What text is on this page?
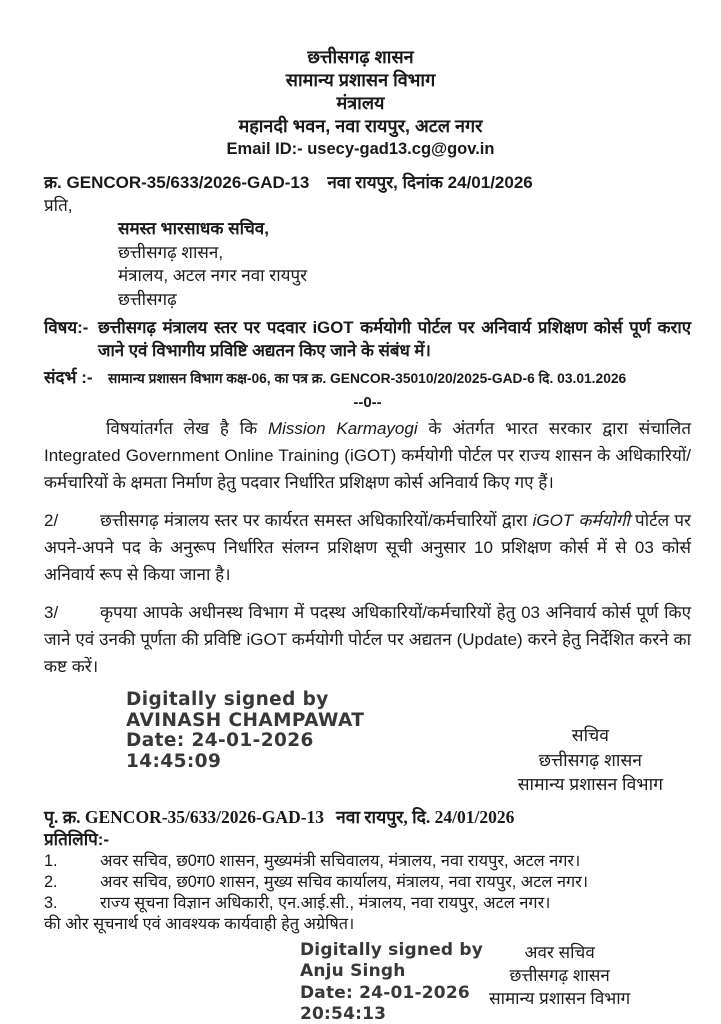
छत्तीसगढ़ शासन
सामान्य प्रशासन विभाग
मंत्रालय
महानदी भवन, नवा रायपुर, अटल नगर
Email ID:- usecy-gad13.cg@gov.in
क्र. GENCOR-35/633/2026-GAD-13 नवा रायपुर, दिनांक 24/01/2026
प्रति,
समस्त भारसाधक सचिव,
छत्तीसगढ़ शासन,
मंत्रालय, अटल नगर नवा रायपुर
छत्तीसगढ़
विषय:- छत्तीसगढ़ मंत्रालय स्तर पर पदवार iGOT कर्मयोगी पोर्टल पर अनिवार्य प्रशिक्षण कोर्स पूर्ण कराए जाने एवं विभागीय प्रविष्टि अद्यतन किए जाने के संबंध में।
संदर्भ :-	सामान्य प्रशासन विभाग कक्ष-06, का पत्र क्र. GENCOR-35010/20/2025-GAD-6 दि. 03.01.2026
--0--
विषयांतर्गत लेख है कि Mission Karmayogi के अंतर्गत भारत सरकार द्वारा संचालित Integrated Government Online Training (iGOT) कर्मयोगी पोर्टल पर राज्य शासन के अधिकारियों/कर्मचारियों के क्षमता निर्माण हेतु पदवार निर्धारित प्रशिक्षण कोर्स अनिवार्य किए गए हैं।
2/ छत्तीसगढ़ मंत्रालय स्तर पर कार्यरत समस्त अधिकारियों/कर्मचारियों द्वारा iGOT कर्मयोगी पोर्टल पर अपने-अपने पद के अनुरूप निर्धारित संलग्न प्रशिक्षण सूची अनुसार 10 प्रशिक्षण कोर्स में से 03 कोर्स अनिवार्य रूप से किया जाना है।
3/ कृपया आपके अधीनस्थ विभाग में पदस्थ अधिकारियों/कर्मचारियों हेतु 03 अनिवार्य कोर्स पूर्ण किए जाने एवं उनकी पूर्णता की प्रविष्टि iGOT कर्मयोगी पोर्टल पर अद्यतन (Update) करने हेतु निर्देशित करने का कष्ट करें।
Digitally signed by
AVINASH CHAMPAWAT
Date: 24-01-2026
14:45:09
सचिव
छत्तीसगढ़ शासन
सामान्य प्रशासन विभाग
पृ. क्र. GENCOR-35/633/2026-GAD-13 नवा रायपुर, दि. 24/01/2026
प्रतिलिपि:-
1.	अवर सचिव, छ0ग0 शासन, मुख्यमंत्री सचिवालय, मंत्रालय, नवा रायपुर, अटल नगर।
2.	अवर सचिव, छ0ग0 शासन, मुख्य सचिव कार्यालय, मंत्रालय, नवा रायपुर, अटल नगर।
3.	राज्य सूचना विज्ञान अधिकारी, एन.आई.सी., मंत्रालय, नवा रायपुर, अटल नगर।
की ओर सूचनार्थ एवं आवश्यक कार्यवाही हेतु अग्रेषित।
Digitally signed by
Anju Singh
Date: 24-01-2026
20:54:13
अवर सचिव
छत्तीसगढ़ शासन
सामान्य प्रशासन विभाग
